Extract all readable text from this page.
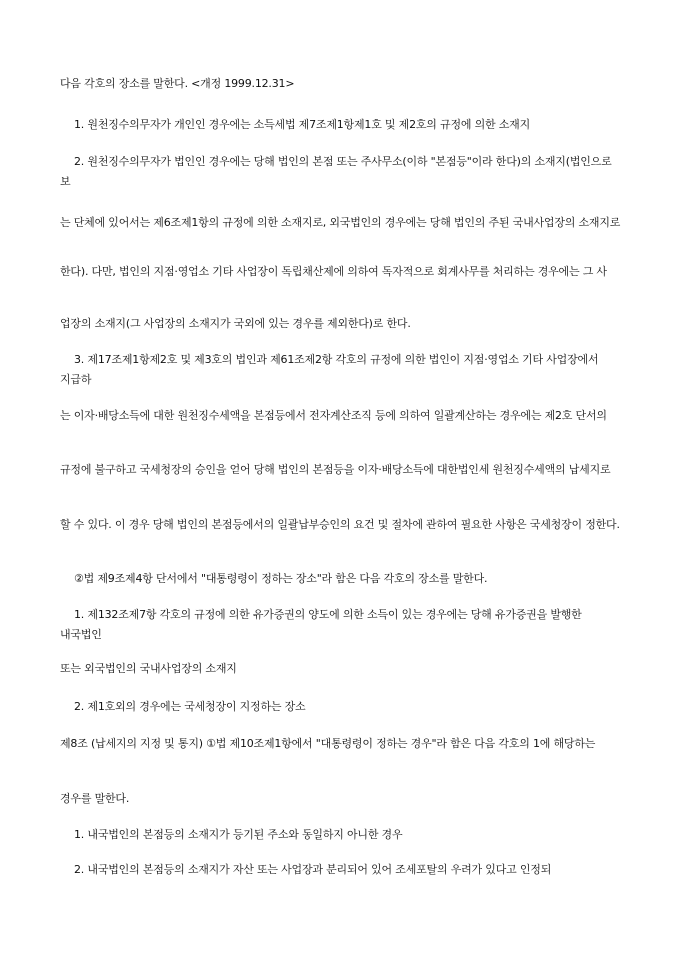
다음 각호의 장소를 말한다. <개정 1999.12.31>
1. 원천징수의무자가 개인인 경우에는 소득세법 제7조제1항제1호 및 제2호의 규정에 의한 소재지
2. 원천징수의무자가 법인인 경우에는 당해 법인의 본점 또는 주사무소(이하 "본점등"이라 한다)의 소재지(법인으로 보
는 단체에 있어서는 제6조제1항의 규정에 의한 소재지로, 외국법인의 경우에는 당해 법인의 주된 국내사업장의 소재지로
한다). 다만, 법인의 지점·영업소 기타 사업장이 독립채산제에 의하여 독자적으로 회계사무를 처리하는 경우에는 그 사
업장의 소재지(그 사업장의 소재지가 국외에 있는 경우를 제외한다)로 한다.
3. 제17조제1항제2호 및 제3호의 법인과 제61조제2항 각호의 규정에 의한 법인이 지점·영업소 기타 사업장에서 지급하
는 이자·배당소득에 대한 원천징수세액을 본점등에서 전자계산조직 등에 의하여 일괄계산하는 경우에는 제2호 단서의
규정에 불구하고 국세청장의 승인을 얻어 당해 법인의 본점등을 이자·배당소득에 대한법인세 원천징수세액의 납세지로
할 수 있다. 이 경우 당해 법인의 본점등에서의 일괄납부승인의 요건 및 절차에 관하여 필요한 사항은 국세청장이 정한다.
②법 제9조제4항 단서에서 "대통령령이 정하는 장소"라 함은 다음 각호의 장소를 말한다.
1. 제132조제7항 각호의 규정에 의한 유가증권의 양도에 의한 소득이 있는 경우에는 당해 유가증권을 발행한 내국법인
또는 외국법인의 국내사업장의 소재지
2. 제1호외의 경우에는 국세청장이 지정하는 장소
제8조 (납세지의 지정 및 통지) ①법 제10조제1항에서 "대통령령이 정하는 경우"라 함은 다음 각호의 1에 해당하는
경우를 말한다.
1. 내국법인의 본점등의 소재지가 등기된 주소와 동일하지 아니한 경우
2. 내국법인의 본점등의 소재지가 자산 또는 사업장과 분리되어 있어 조세포탈의 우려가 있다고 인정되
